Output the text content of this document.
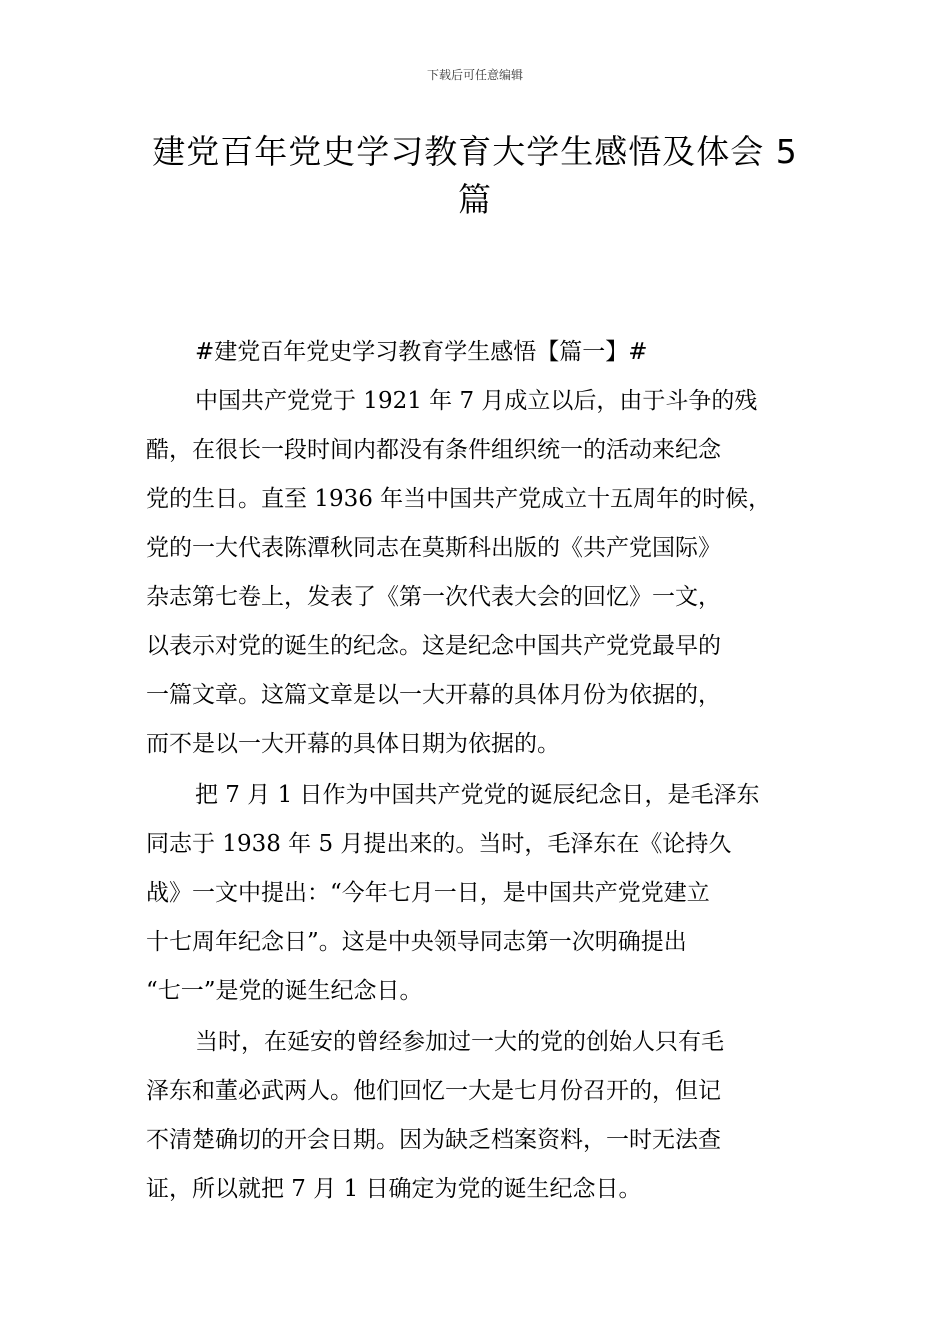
下载后可任意编辑
建党百年党史学习教育大学生感悟及体会 5
篇
#建党百年党史学习教育学生感悟【篇一】#
中国共产党党于 1921 年 7 月成立以后，由于斗争的残
酷，在很长一段时间内都没有条件组织统一的活动来纪念
党的生日。直至 1936 年当中国共产党成立十五周年的时候，
党的一大代表陈潭秋同志在莫斯科出版的《共产党国际》
杂志第七卷上，发表了《第一次代表大会的回忆》一文，
以表示对党的诞生的纪念。这是纪念中国共产党党最早的
一篇文章。这篇文章是以一大开幕的具体月份为依据的，
而不是以一大开幕的具体日期为依据的。
把 7 月 1 日作为中国共产党党的诞辰纪念日，是毛泽东
同志于 1938 年 5 月提出来的。当时，毛泽东在《论持久
战》一文中提出：“今年七月一日，是中国共产党党建立
十七周年纪念日”。这是中央领导同志第一次明确提出
“七一”是党的诞生纪念日。
当时，在延安的曾经参加过一大的党的创始人只有毛
泽东和董必武两人。他们回忆一大是七月份召开的，但记
不清楚确切的开会日期。因为缺乏档案资料，一时无法查
证，所以就把 7 月 1 日确定为党的诞生纪念日。
